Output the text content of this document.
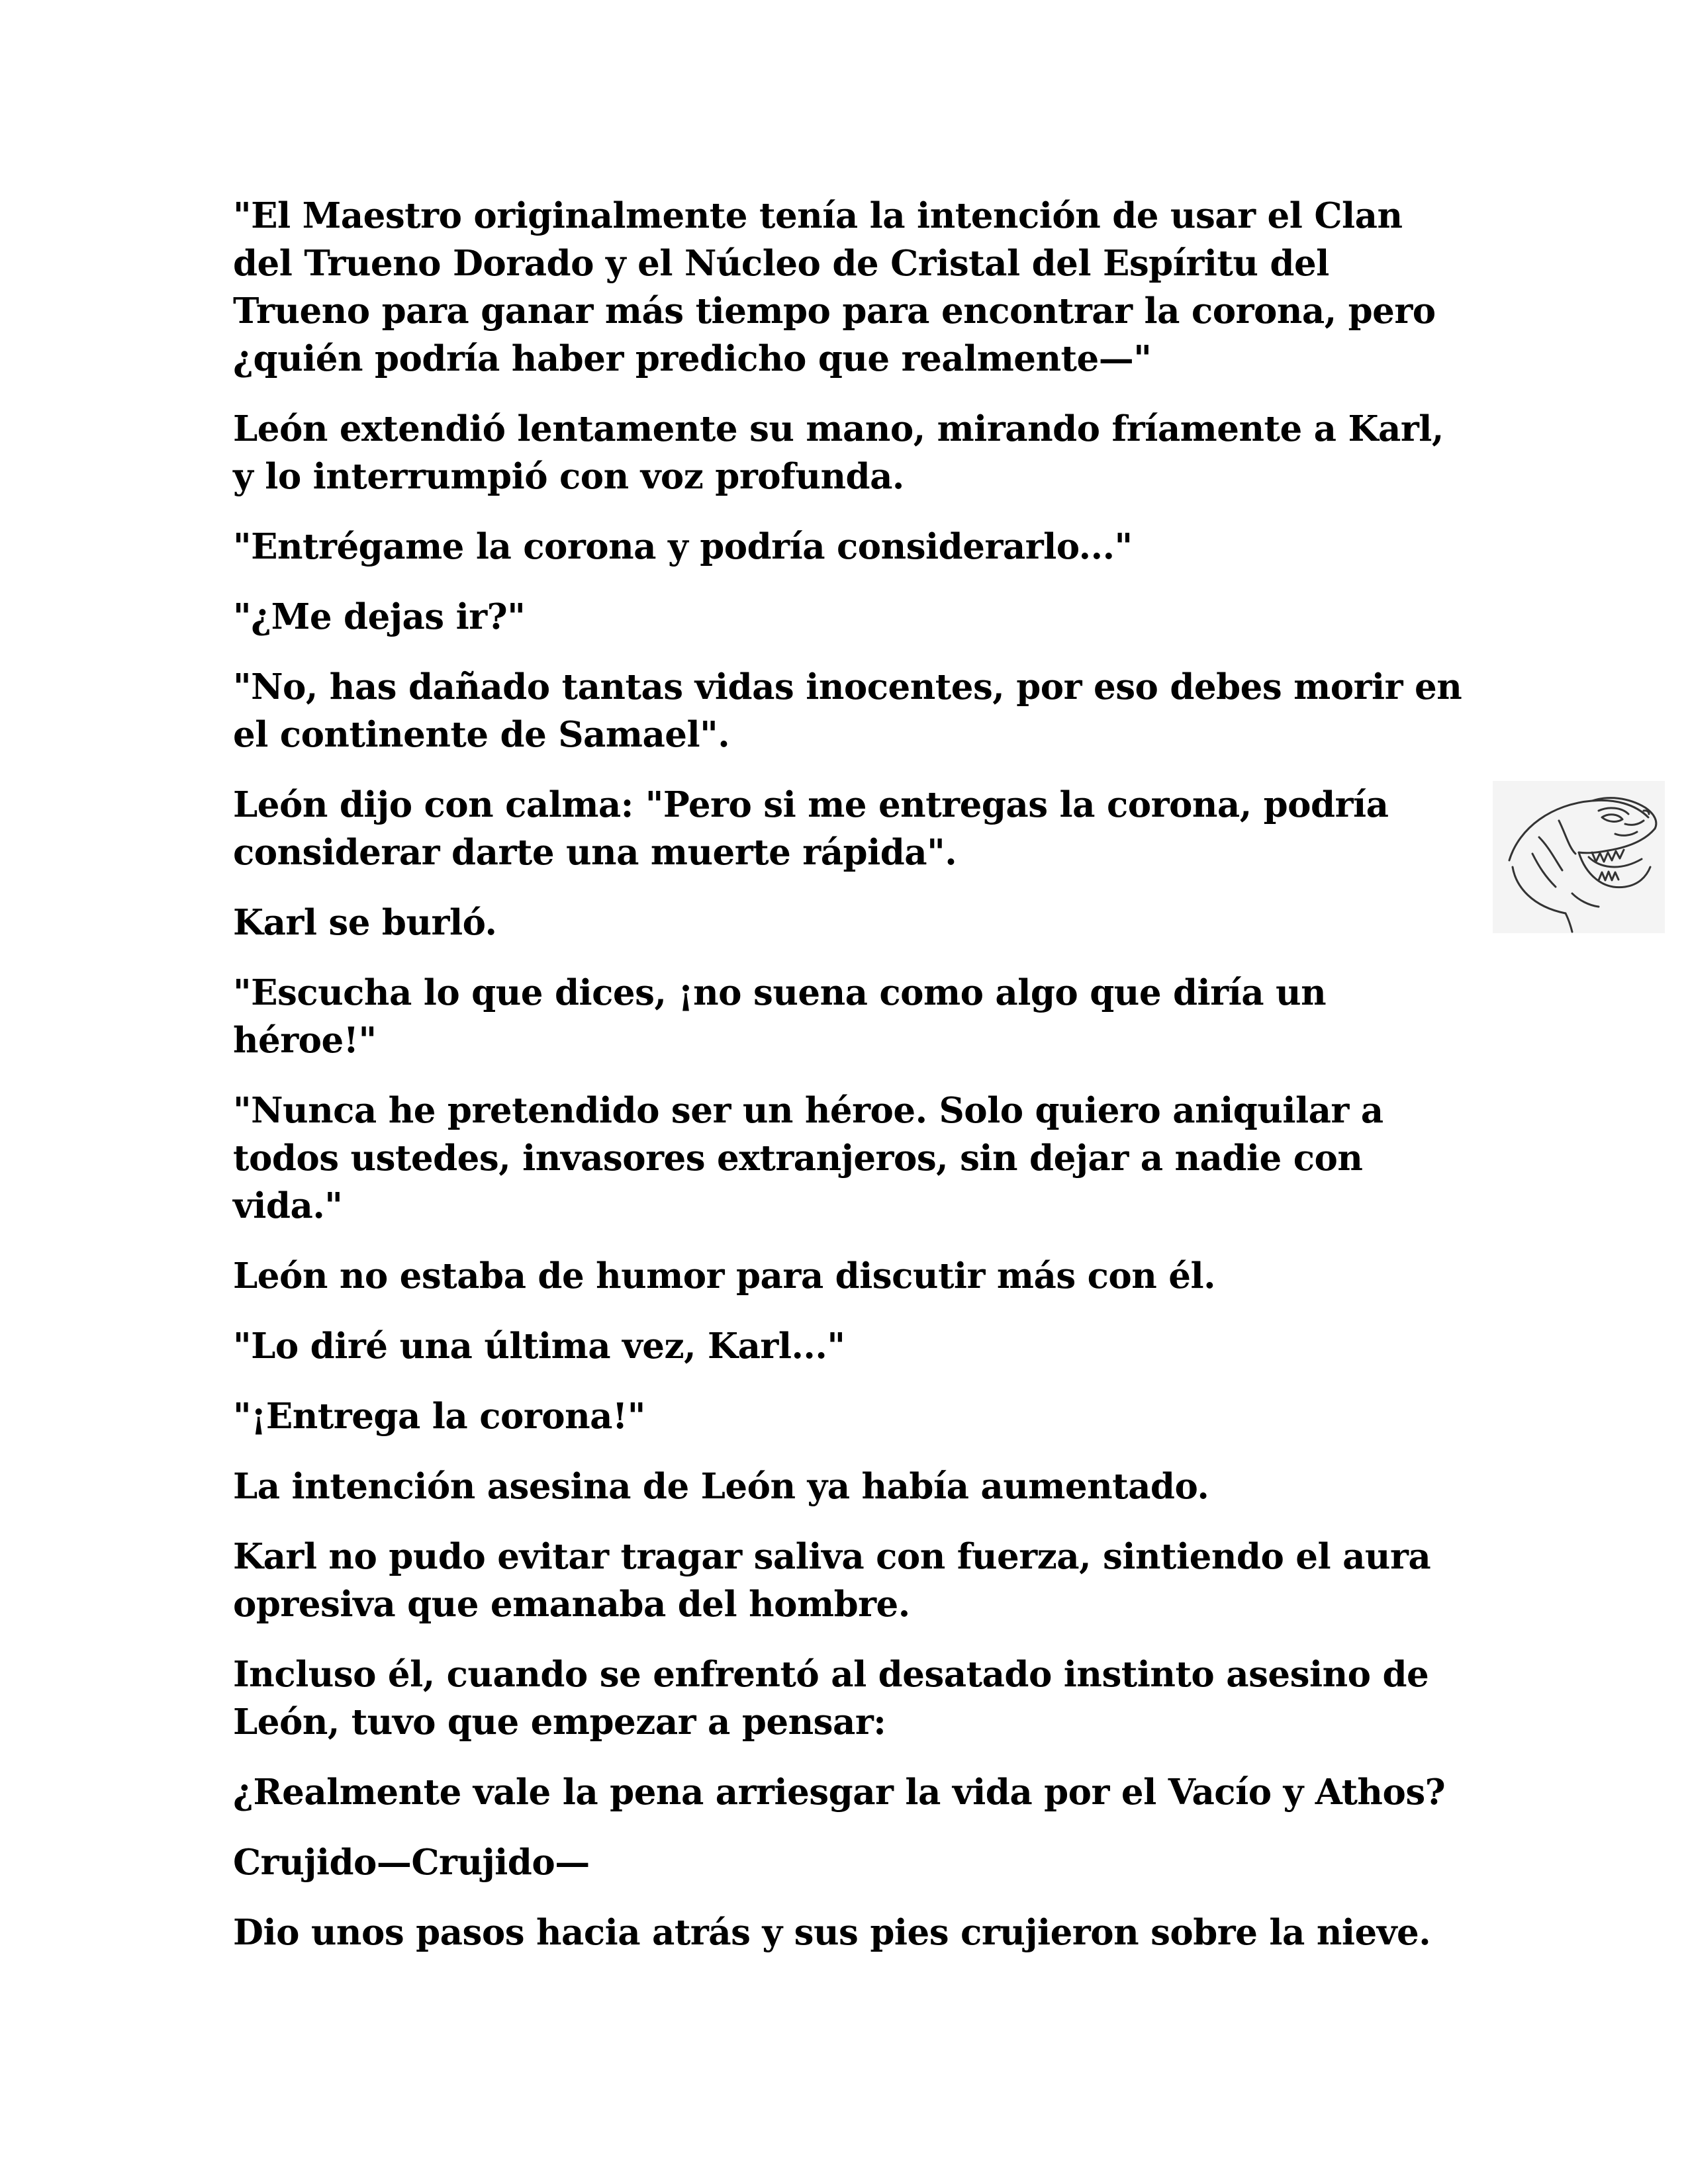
"El Maestro originalmente tenía la intención de usar el Clan del Trueno Dorado y el Núcleo de Cristal del Espíritu del Trueno para ganar más tiempo para encontrar la corona, pero ¿quién podría haber predicho que realmente—"

León extendió lentamente su mano, mirando fríamente a Karl, y lo interrumpió con voz profunda.

"Entrégame la corona y podría considerarlo..."

"¿Me dejas ir?"

"No, has dañado tantas vidas inocentes, por eso debes morir en el continente de Samael".

León dijo con calma: "Pero si me entregas la corona, podría considerar darte una muerte rápida".

Karl se burló.

"Escucha lo que dices, ¡no suena como algo que diría un héroe!"

"Nunca he pretendido ser un héroe. Solo quiero aniquilar a todos ustedes, invasores extranjeros, sin dejar a nadie con vida."

León no estaba de humor para discutir más con él.

"Lo diré una última vez, Karl..."

"¡Entrega la corona!"

La intención asesina de León ya había aumentado.

Karl no pudo evitar tragar saliva con fuerza, sintiendo el aura opresiva que emanaba del hombre.

Incluso él, cuando se enfrentó al desatado instinto asesino de León, tuvo que empezar a pensar:

¿Realmente vale la pena arriesgar la vida por el Vacío y Athos?

Crujido—Crujido—

Dio unos pasos hacia atrás y sus pies crujieron sobre la nieve.
